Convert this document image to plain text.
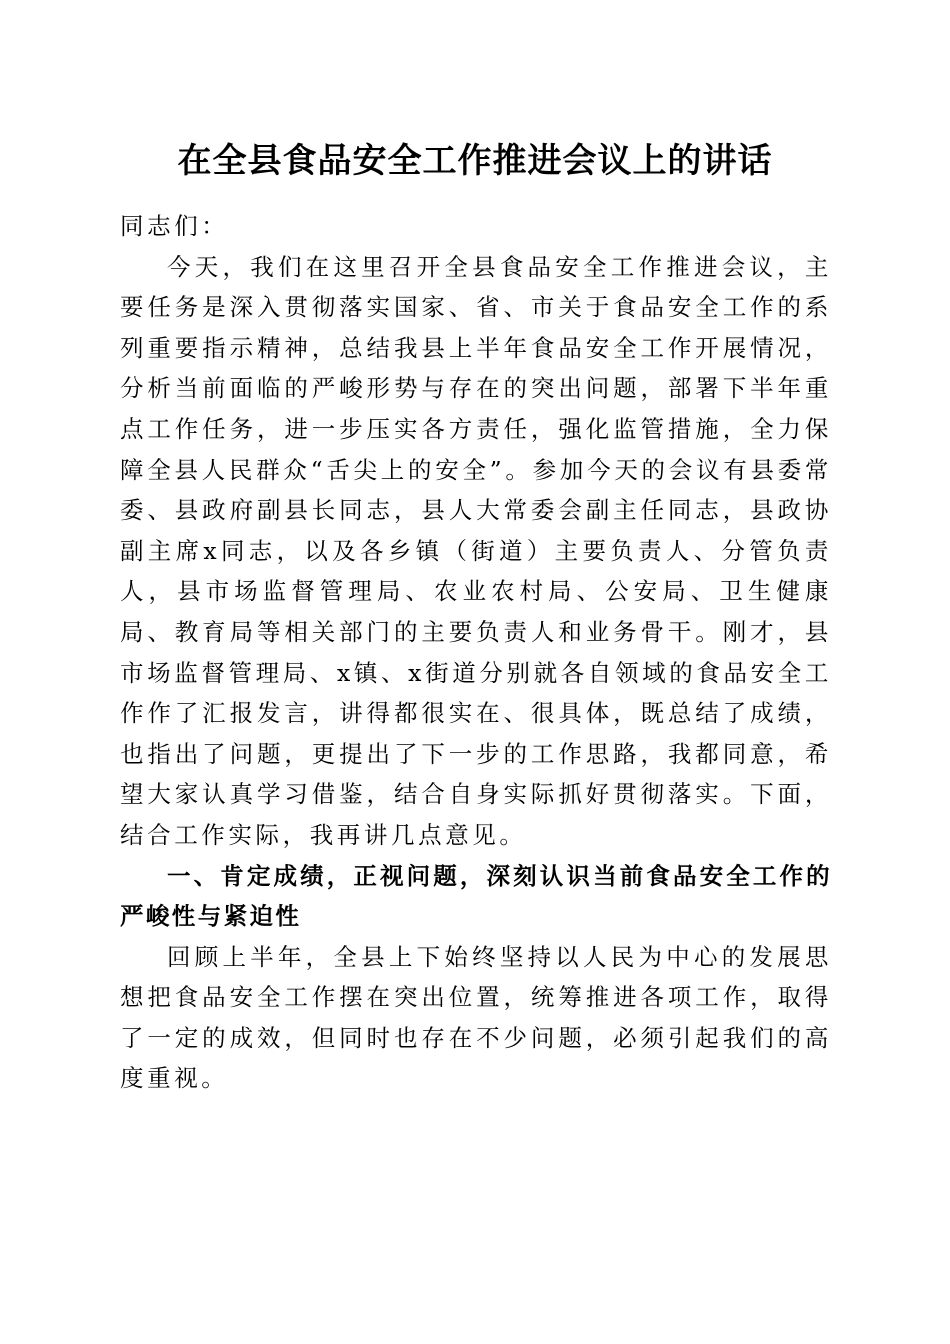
在全县食品安全工作推进会议上的讲话

同志们：

今天，我们在这里召开全县食品安全工作推进会议，主要任务是深入贯彻落实国家、省、市关于食品安全工作的系列重要指示精神，总结我县上半年食品安全工作开展情况，分析当前面临的严峻形势与存在的突出问题，部署下半年重点工作任务，进一步压实各方责任，强化监管措施，全力保障全县人民群众“舌尖上的安全”。参加今天的会议有县委常委、县政府副县长同志，县人大常委会副主任同志，县政协副主席x同志，以及各乡镇（街道）主要负责人、分管负责人，县市场监督管理局、农业农村局、公安局、卫生健康局、教育局等相关部门的主要负责人和业务骨干。刚才，县市场监督管理局、x镇、x街道分别就各自领域的食品安全工作作了汇报发言，讲得都很实在、很具体，既总结了成绩，也指出了问题，更提出了下一步的工作思路，我都同意，希望大家认真学习借鉴，结合自身实际抓好贯彻落实。下面，结合工作实际，我再讲几点意见。

一、肯定成绩，正视问题，深刻认识当前食品安全工作的严峻性与紧迫性

回顾上半年，全县上下始终坚持以人民为中心的发展思想把食品安全工作摆在突出位置，统筹推进各项工作，取得了一定的成效，但同时也存在不少问题，必须引起我们的高度重视。
